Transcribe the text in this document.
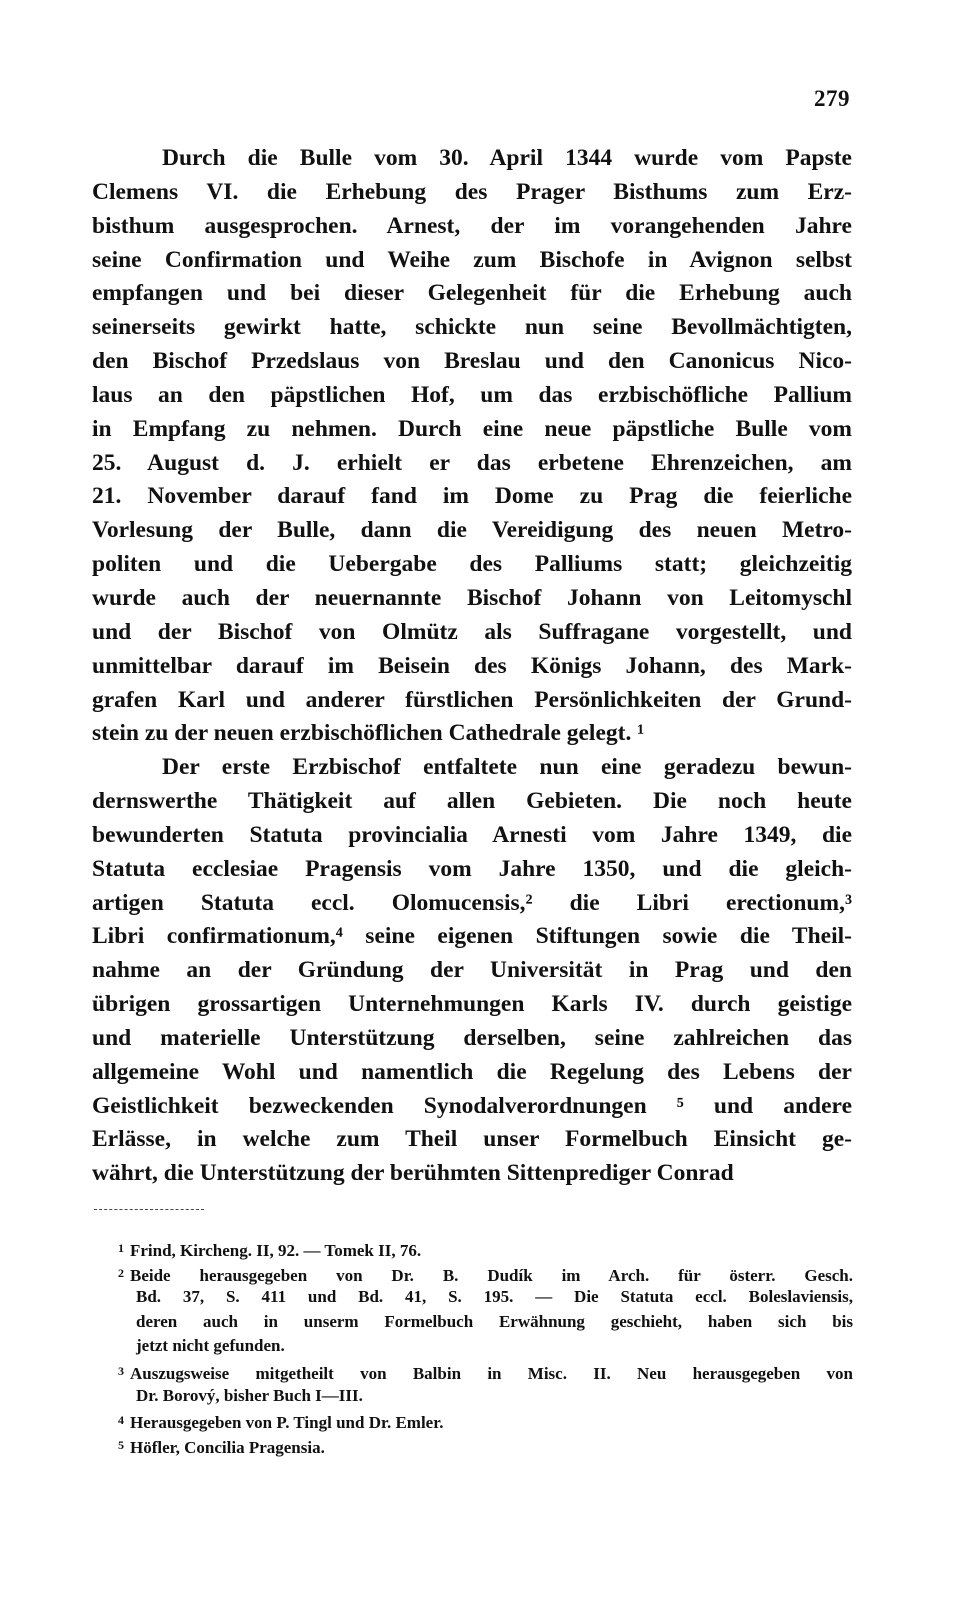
279
Durch die Bulle vom 30. April 1344 wurde vom Papste
Clemens VI. die Erhebung des Prager Bisthums zum Erz-
bisthum ausgesprochen. Arnest, der im vorangehenden Jahre
seine Confirmation und Weihe zum Bischofe in Avignon selbst
empfangen und bei dieser Gelegenheit für die Erhebung auch
seinerseits gewirkt hatte, schickte nun seine Bevollmächtigten,
den Bischof Przedslaus von Breslau und den Canonicus Nico-
laus an den päpstlichen Hof, um das erzbischöfliche Pallium
in Empfang zu nehmen. Durch eine neue päpstliche Bulle vom
25. August d. J. erhielt er das erbetene Ehrenzeichen, am
21. November darauf fand im Dome zu Prag die feierliche
Vorlesung der Bulle, dann die Vereidigung des neuen Metro-
politen und die Uebergabe des Palliums statt; gleichzeitig
wurde auch der neuernannte Bischof Johann von Leitomyschl
und der Bischof von Olmütz als Suffragane vorgestellt, und
unmittelbar darauf im Beisein des Königs Johann, des Mark-
grafen Karl und anderer fürstlichen Persönlichkeiten der Grund-
stein zu der neuen erzbischöflichen Cathedrale gelegt. ¹
Der erste Erzbischof entfaltete nun eine geradezu bewun-
dernswerthe Thätigkeit auf allen Gebieten. Die noch heute
bewunderten Statuta provincialia Arnesti vom Jahre 1349, die
Statuta ecclesiae Pragensis vom Jahre 1350, und die gleich-
artigen Statuta eccl. Olomucensis,² die Libri erectionum,³
Libri confirmationum,⁴ seine eigenen Stiftungen sowie die Theil-
nahme an der Gründung der Universität in Prag und den
übrigen grossartigen Unternehmungen Karls IV. durch geistige
und materielle Unterstützung derselben, seine zahlreichen das
allgemeine Wohl und namentlich die Regelung des Lebens der
Geistlichkeit bezweckenden Synodalverordnungen ⁵ und andere
Erlässe, in welche zum Theil unser Formelbuch Einsicht ge-
währt, die Unterstützung der berühmten Sittenprediger Conrad
$^1$ Frind, Kircheng. II, 92. — Tomek II, 76.
$^2$ Beide herausgegeben von Dr. B. Dudík im Arch. für österr. Gesch.
Bd. 37, S. 411 und Bd. 41, S. 195. — Die Statuta eccl. Boleslaviensis,
deren auch in unserm Formelbuch Erwähnung geschieht, haben sich bis
jetzt nicht gefunden.
$^3$ Auszugsweise mitgetheilt von Balbin in Misc. II. Neu herausgegeben von
Dr. Borový, bisher Buch I—III.
$^4$ Herausgegeben von P. Tingl und Dr. Emler.
$^5$ Höfler, Concilia Pragensia.
